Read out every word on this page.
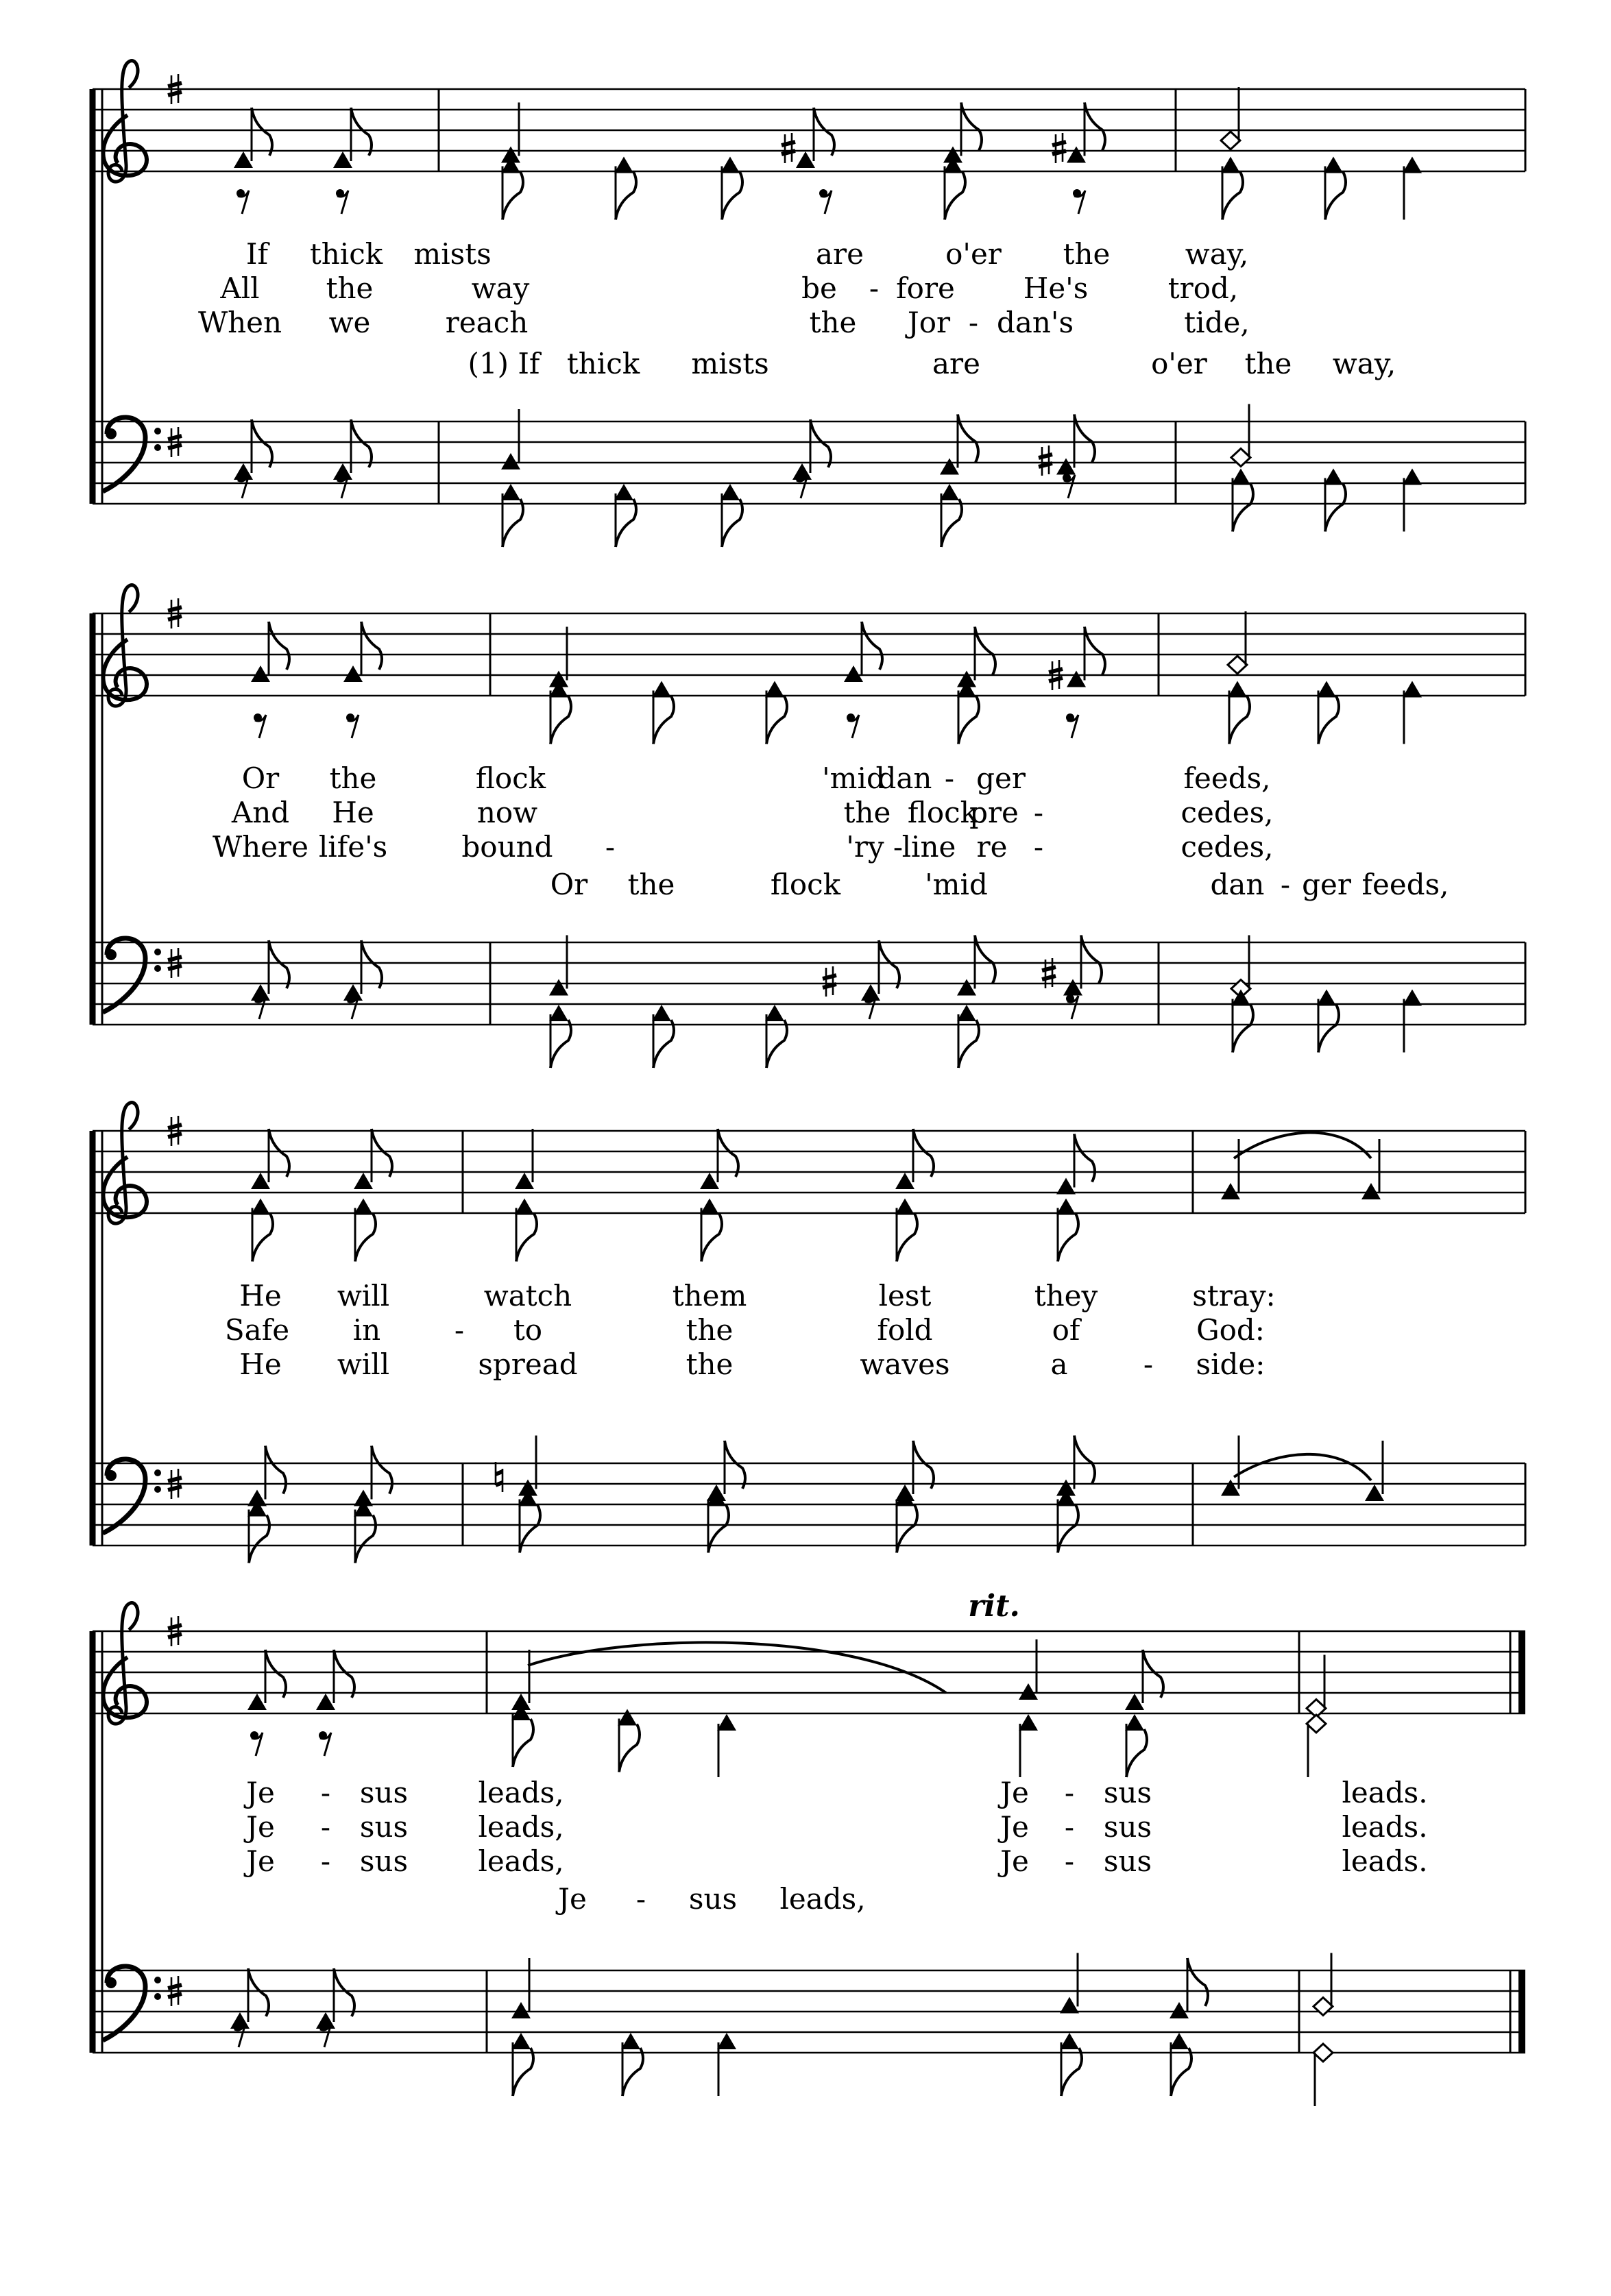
If thick mists	are	o'er the	way,
All the	way	be - fore He's	trod,
When we	reach	the Jor - dan's	tide,
(1) If thick mists	are	o'er the way,
Or the	flock	'mid
dan - ger	feeds,
And He	now	the flock
pre -	cedes,
Where life's	bound -	'ry -
line re -	cedes,
Or the	flock	'mid	dan - ger feeds,
He will	watch	them	lest	they	stray:
Safe in	- to	the	fold	of	God:
He will	spread	the	waves	a	- side:
Je - sus leads,	Je - sus	leads.
Je - sus leads,	Je - sus	leads.
Je - sus leads,	Je - sus	leads.
Je - sus leads,
rit.
